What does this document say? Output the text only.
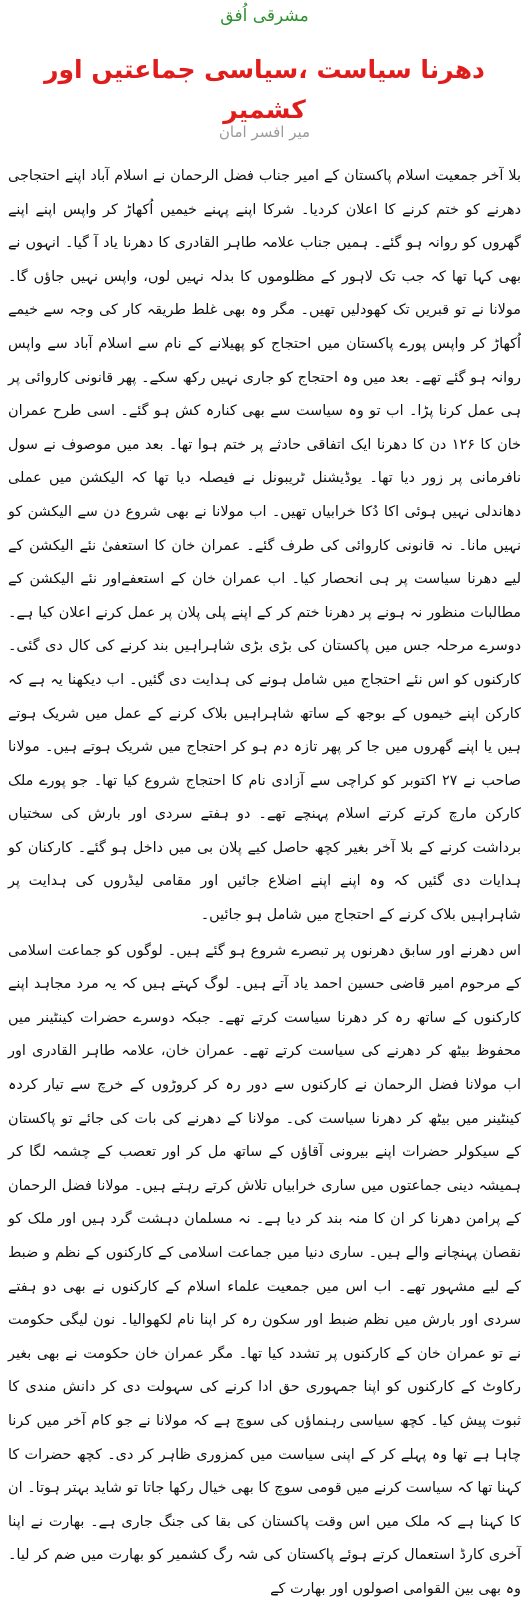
مشرقی اُفق
دھرنا سیاست ،سیاسی جماعتیں اور کشمیر
میر افسر امان

بلا آخر جمعیت اسلام پاکستان کے امیر جناب فضل الرحمان نے اسلام آباد اپنے احتجاجی دھرنے کو ختم کرنے کا اعلان کردیا۔ شرکا اپنے پہنے خیمیں اُکھاڑ کر واپس اپنے اپنے گھروں کو روانہ ہو گئے۔ ہمیں جناب علامہ طاہر القادری کا دھرنا یاد آ گیا۔ انہوں نے بھی کہا تھا کہ جب تک لاہور کے مظلوموں کا بدلہ نہیں لوں، واپس نہیں جاؤں گا۔ مولانا نے تو قبریں تک کھودلیں تھیں۔ مگر وہ بھی غلط طریقہ کار کی وجہ سے خیمے اُکھاڑ کر واپس پورے پاکستان میں احتجاج کو پھیلانے کے نام سے اسلام آباد سے واپس روانہ ہو گئے تھے۔ بعد میں وہ احتجاج کو جاری نہیں رکھ سکے۔ پھر قانونی کاروائی پر ہی عمل کرنا پڑا۔ اب تو وہ سیاست سے بھی کنارہ کش ہو گئے۔ اسی طرح عمران خان کا ۱۲۶ دن کا دھرنا ایک اتفاقی حادثے پر ختم ہوا تھا۔ بعد میں موصوف نے سول نافرمانی پر زور دیا تھا۔ یوڈیشنل ٹریبونل نے فیصلہ دیا تھا کہ الیکشن میں عملی دھاندلی نہیں ہوئی اکا دُکا خرابیاں تھیں۔ اب مولانا نے بھی شروع دن سے الیکشن کو نہیں مانا۔ نہ قانونی کاروائی کی طرف گئے۔ عمران خان کا استعفیٰ نئے الیکشن کے لیے دھرنا سیاست پر ہی انحصار کیا۔ اب عمران خان کے استعفےاور نئے الیکشن کے مطالبات منظور نہ ہونے پر دھرنا ختم کر کے اپنے پلی پلان پر عمل کرنے اعلان کیا ہے۔ دوسرے مرحلہ جس میں پاکستان کی بڑی بڑی شاہراہیں بند کرنے کی کال دی گئی۔ کارکنوں کو اس نئے احتجاج میں شامل ہونے کی ہدایت دی گئیں۔ اب دیکھنا یہ ہے کہ کارکن اپنے خیموں کے بوجھ کے ساتھ شاہراہیں بلاک کرنے کے عمل میں شریک ہوتے ہیں یا اپنے گھروں میں جا کر پھر تازہ دم ہو کر احتجاج میں شریک ہوتے ہیں۔ مولانا صاحب نے ۲۷ اکتوبر کو کراچی سے آزادی نام کا احتجاج شروع کیا تھا۔ جو پورے ملک کارکن مارچ کرتے کرتے اسلام پہنچے تھے۔ دو ہفتے سردی اور بارش کی سختیاں برداشت کرنے کے بلا آخر بغیر کچھ حاصل کیے پلان بی میں داخل ہو گئے۔ کارکنان کو ہدایات دی گئیں کہ وہ اپنے اپنے اضلاع جائیں اور مقامی لیڈروں کی ہدایت پر شاہراہیں بلاک کرنے کے احتجاج میں شامل ہو جائیں۔

اس دھرنے اور سابق دھرنوں پر تبصرے شروع ہو گئے ہیں۔ لوگوں کو جماعت اسلامی کے مرحوم امیر قاضی حسین احمد یاد آتے ہیں۔ لوگ کہتے ہیں کہ یہ مرد مجاہد اپنے کارکنوں کے ساتھ رہ کر دھرنا سیاست کرتے تھے۔ جبکہ دوسرے حضرات کینٹینر میں محفوظ بیٹھ کر دھرنے کی سیاست کرتے تھے۔ عمران خان، علامہ طاہر القادری اور اب مولانا فضل الرحمان نے کارکنوں سے دور رہ کر کروڑوں کے خرچ سے تیار کردہ کینٹینر میں بیٹھ کر دھرنا سیاست کی۔ مولانا کے دھرنے کی بات کی جائے تو پاکستان کے سیکولر حضرات اپنے بیرونی آقاؤں کے ساتھ مل کر اور تعصب کے چشمہ لگا کر ہمیشہ دینی جماعتوں میں ساری خرابیاں تلاش کرتے رہتے ہیں۔ مولانا فضل الرحمان کے پرامن دھرنا کر ان کا منہ بند کر دیا ہے۔ نہ مسلمان دہشت گرد ہیں اور ملک کو نقصان پہنچانے والے ہیں۔ ساری دنیا میں جماعت اسلامی کے کارکنوں کے نظم و ضبط کے لیے مشہور تھے۔ اب اس میں جمعیت علماء اسلام کے کارکنوں نے بھی دو ہفتے سردی اور بارش میں نظم ضبط اور سکون رہ کر اپنا نام لکھوالیا۔ نون لیگی حکومت نے تو عمران خان کے کارکنوں پر تشدد کیا تھا۔ مگر عمران خان حکومت نے بھی بغیر رکاوٹ کے کارکنوں کو اپنا جمہوری حق ادا کرنے کی سہولت دی کر دانش مندی کا ثبوت پیش کیا۔ کچھ سیاسی رہنماؤں کی سوچ ہے کہ مولانا نے جو کام آخر میں کرنا چاہا ہے تھا وہ پہلے کر کے اپنی سیاست میں کمزوری ظاہر کر دی۔ کچھ حضرات کا کہنا تھا کہ سیاست کرنے میں قومی سوچ کا بھی خیال رکھا جاتا تو شاید بہتر ہوتا۔ ان کا کہنا ہے کہ ملک میں اس وقت پاکستان کی بقا کی جنگ جاری ہے۔ بھارت نے اپنا آخری کارڈ استعمال کرتے ہوئے پاکستان کی شہ رگ کشمیر کو بھارت میں ضم کر لیا۔ وہ بھی بین القوامی اصولوں اور بھارت کے
